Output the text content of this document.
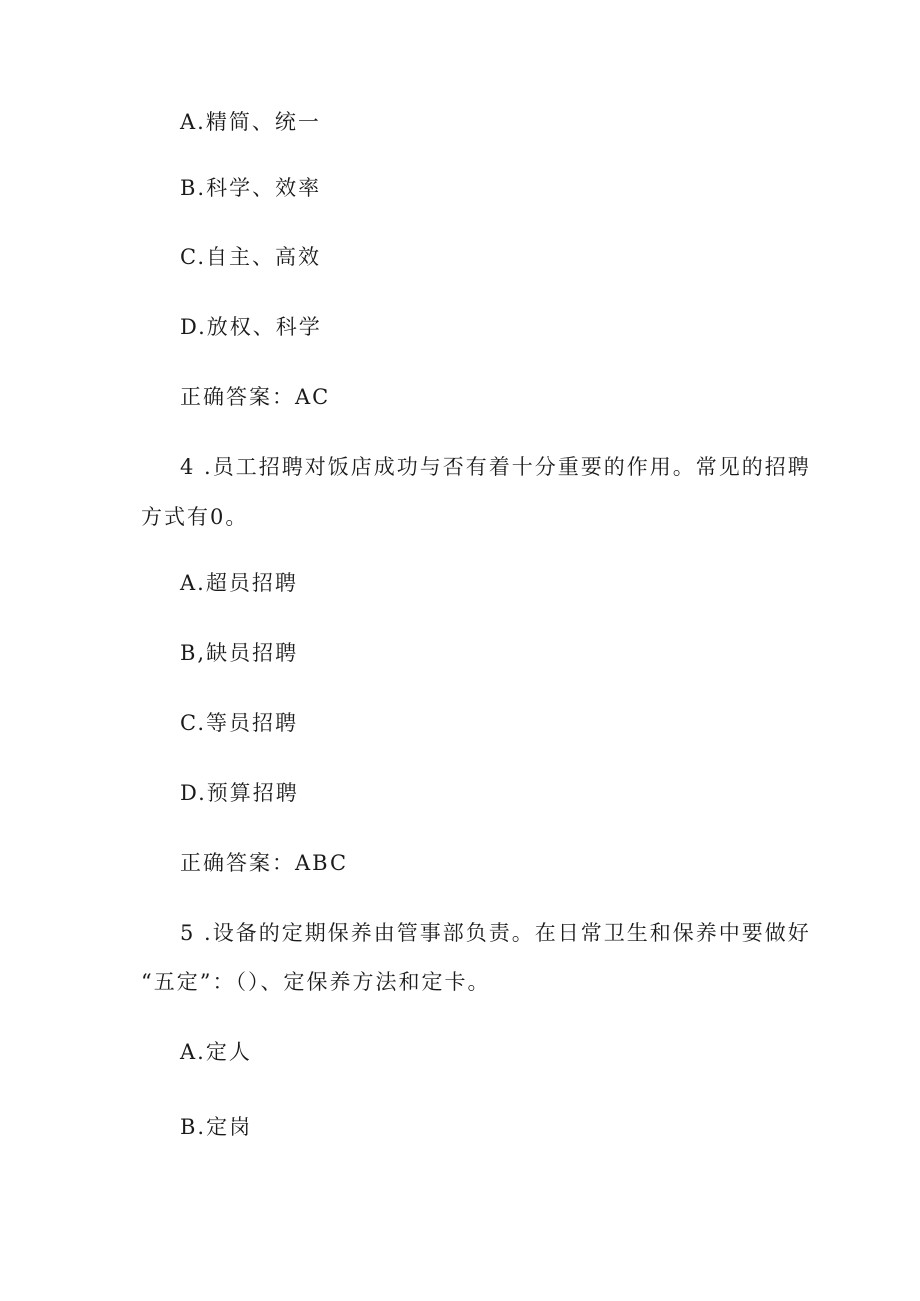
A.精简、统一
B.科学、效率
C.自主、高效
D.放权、科学
正确答案：AC
4 .员工招聘对饭店成功与否有着十分重要的作用。常见的招聘
方式有0。
A.超员招聘
B,缺员招聘
C.等员招聘
D.预算招聘
正确答案：ABC
5 .设备的定期保养由管事部负责。在日常卫生和保养中要做好
“五定”：（）、定保养方法和定卡。
A.定人
B.定岗
